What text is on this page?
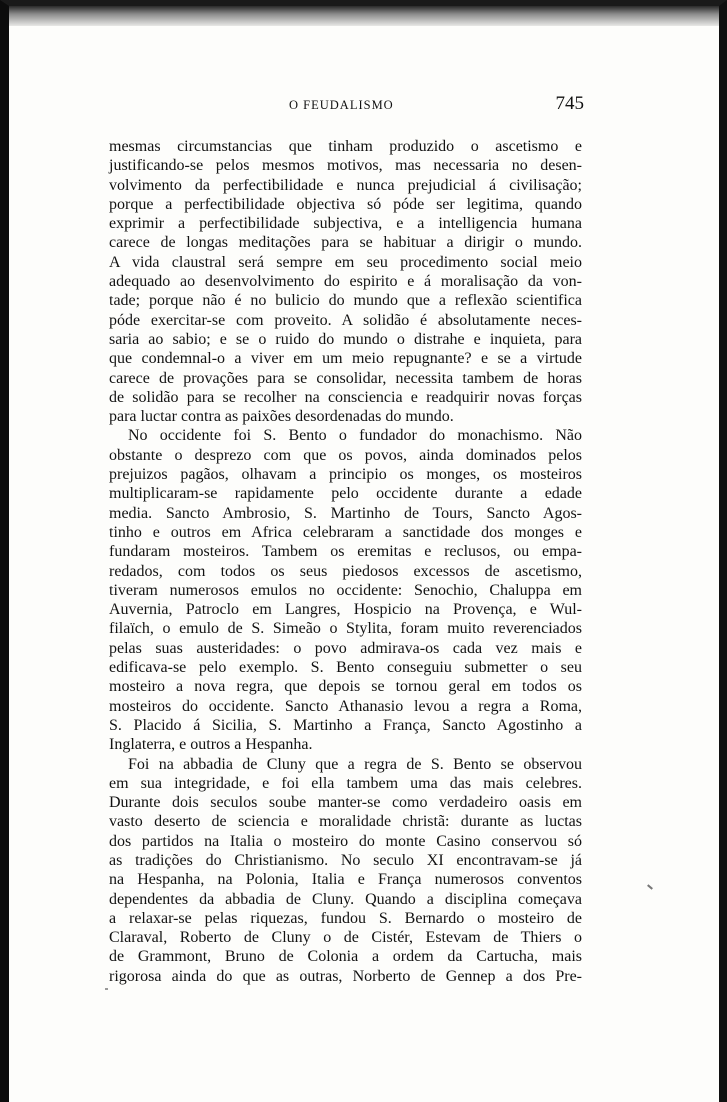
O FEUDALISMO	745
mesmas circumstancias que tinham produzido o ascetismo e
justificando-se pelos mesmos motivos, mas necessaria no desen-
volvimento da perfectibilidade e nunca prejudicial á civilisação;
porque a perfectibilidade objectiva só póde ser legitima, quando
exprimir a perfectibilidade subjectiva, e a intelligencia humana
carece de longas meditações para se habituar a dirigir o mundo.
A vida claustral será sempre em seu procedimento social meio
adequado ao desenvolvimento do espirito e á moralisação da von-
tade; porque não é no bulicio do mundo que a reflexão scientifica
póde exercitar-se com proveito. A solidão é absolutamente neces-
saria ao sabio; e se o ruido do mundo o distrahe e inquieta, para
que condemnal-o a viver em um meio repugnante? e se a virtude
carece de provações para se consolidar, necessita tambem de horas
de solidão para se recolher na consciencia e readquirir novas forças
para luctar contra as paixões desordenadas do mundo.
No occidente foi S. Bento o fundador do monachismo. Não
obstante o desprezo com que os povos, ainda dominados pelos
prejuizos pagãos, olhavam a principio os monges, os mosteiros
multiplicaram-se rapidamente pelo occidente durante a edade
media. Sancto Ambrosio, S. Martinho de Tours, Sancto Agos-
tinho e outros em Africa celebraram a sanctidade dos monges e
fundaram mosteiros. Tambem os eremitas e reclusos, ou empa-
redados, com todos os seus piedosos excessos de ascetismo,
tiveram numerosos emulos no occidente: Senochio, Chaluppa em
Auvernia, Patroclo em Langres, Hospicio na Provença, e Wul-
filaïch, o emulo de S. Simeão o Stylita, foram muito reverenciados
pelas suas austeridades: o povo admirava-os cada vez mais e
edificava-se pelo exemplo. S. Bento conseguiu submetter o seu
mosteiro a nova regra, que depois se tornou geral em todos os
mosteiros do occidente. Sancto Athanasio levou a regra a Roma,
S. Placido á Sicilia, S. Martinho a França, Sancto Agostinho a
Inglaterra, e outros a Hespanha.
Foi na abbadia de Cluny que a regra de S. Bento se observou
em sua integridade, e foi ella tambem uma das mais celebres.
Durante dois seculos soube manter-se como verdadeiro oasis em
vasto deserto de sciencia e moralidade christã: durante as luctas
dos partidos na Italia o mosteiro do monte Casino conservou só
as tradições do Christianismo. No seculo XI encontravam-se já
na Hespanha, na Polonia, Italia e França numerosos conventos
dependentes da abbadia de Cluny. Quando a disciplina começava
a relaxar-se pelas riquezas, fundou S. Bernardo o mosteiro de
Claraval, Roberto de Cluny o de Cistér, Estevam de Thiers o
de Grammont, Bruno de Colonia a ordem da Cartucha, mais
rigorosa ainda do que as outras, Norberto de Gennep a dos Pre-
